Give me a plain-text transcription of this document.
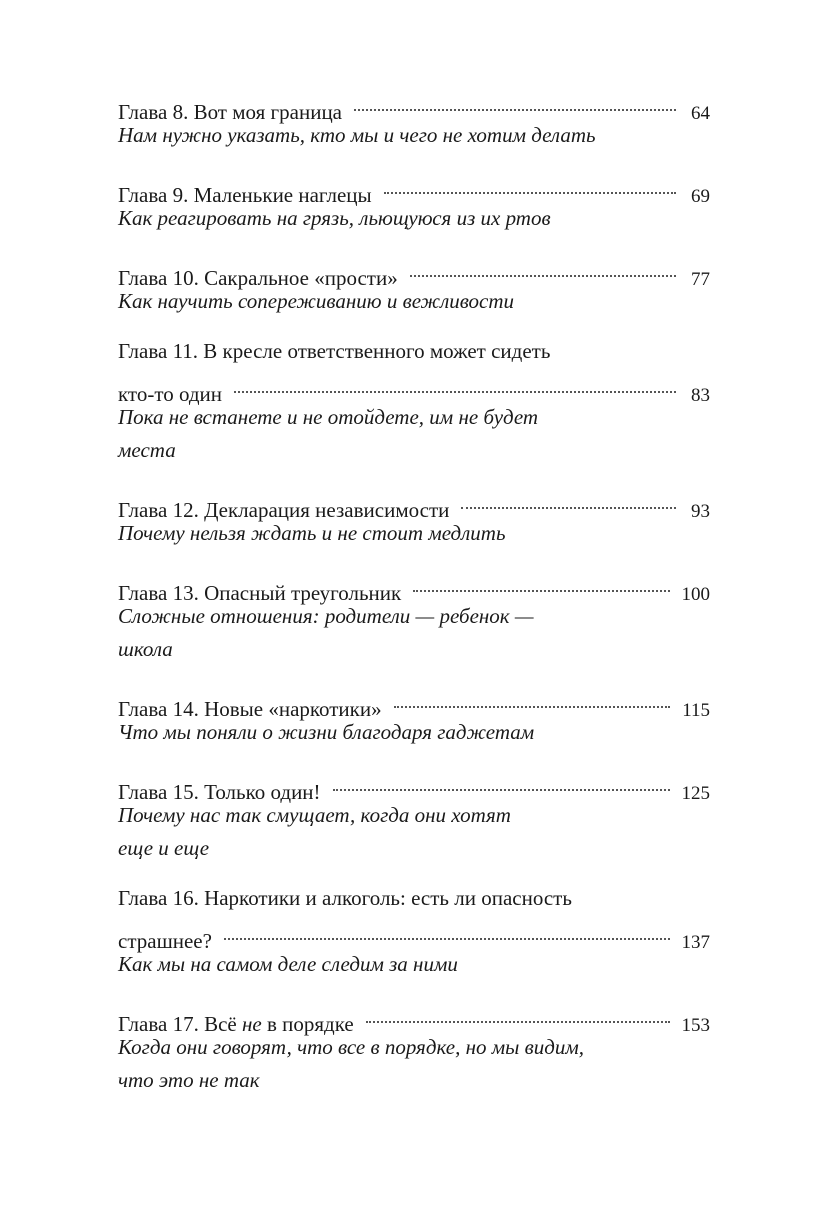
Глава 8. Вот моя граница	64
Нам нужно указать, кто мы и чего не хотим делать
Глава 9. Маленькие наглецы	69
Как реагировать на грязь, льющуюся из их ртов
Глава 10. Сакральное «прости»	77
Как научить сопереживанию и вежливости
Глава 11. В кресле ответственного может сидеть
кто-то один	83
Пока не встанете и не отойдете, им не будет
места
Глава 12. Декларация независимости	93
Почему нельзя ждать и не стоит медлить
Глава 13. Опасный треугольник	100
Сложные отношения: родители — ребенок —
школа
Глава 14. Новые «наркотики»	115
Что мы поняли о жизни благодаря гаджетам
Глава 15. Только один!	125
Почему нас так смущает, когда они хотят
еще и еще
Глава 16. Наркотики и алкоголь: есть ли опасность
страшнее?	137
Как мы на самом деле следим за ними
Глава 17. Всё не в порядке	153
Когда они говорят, что все в порядке, но мы видим,
что это не так
